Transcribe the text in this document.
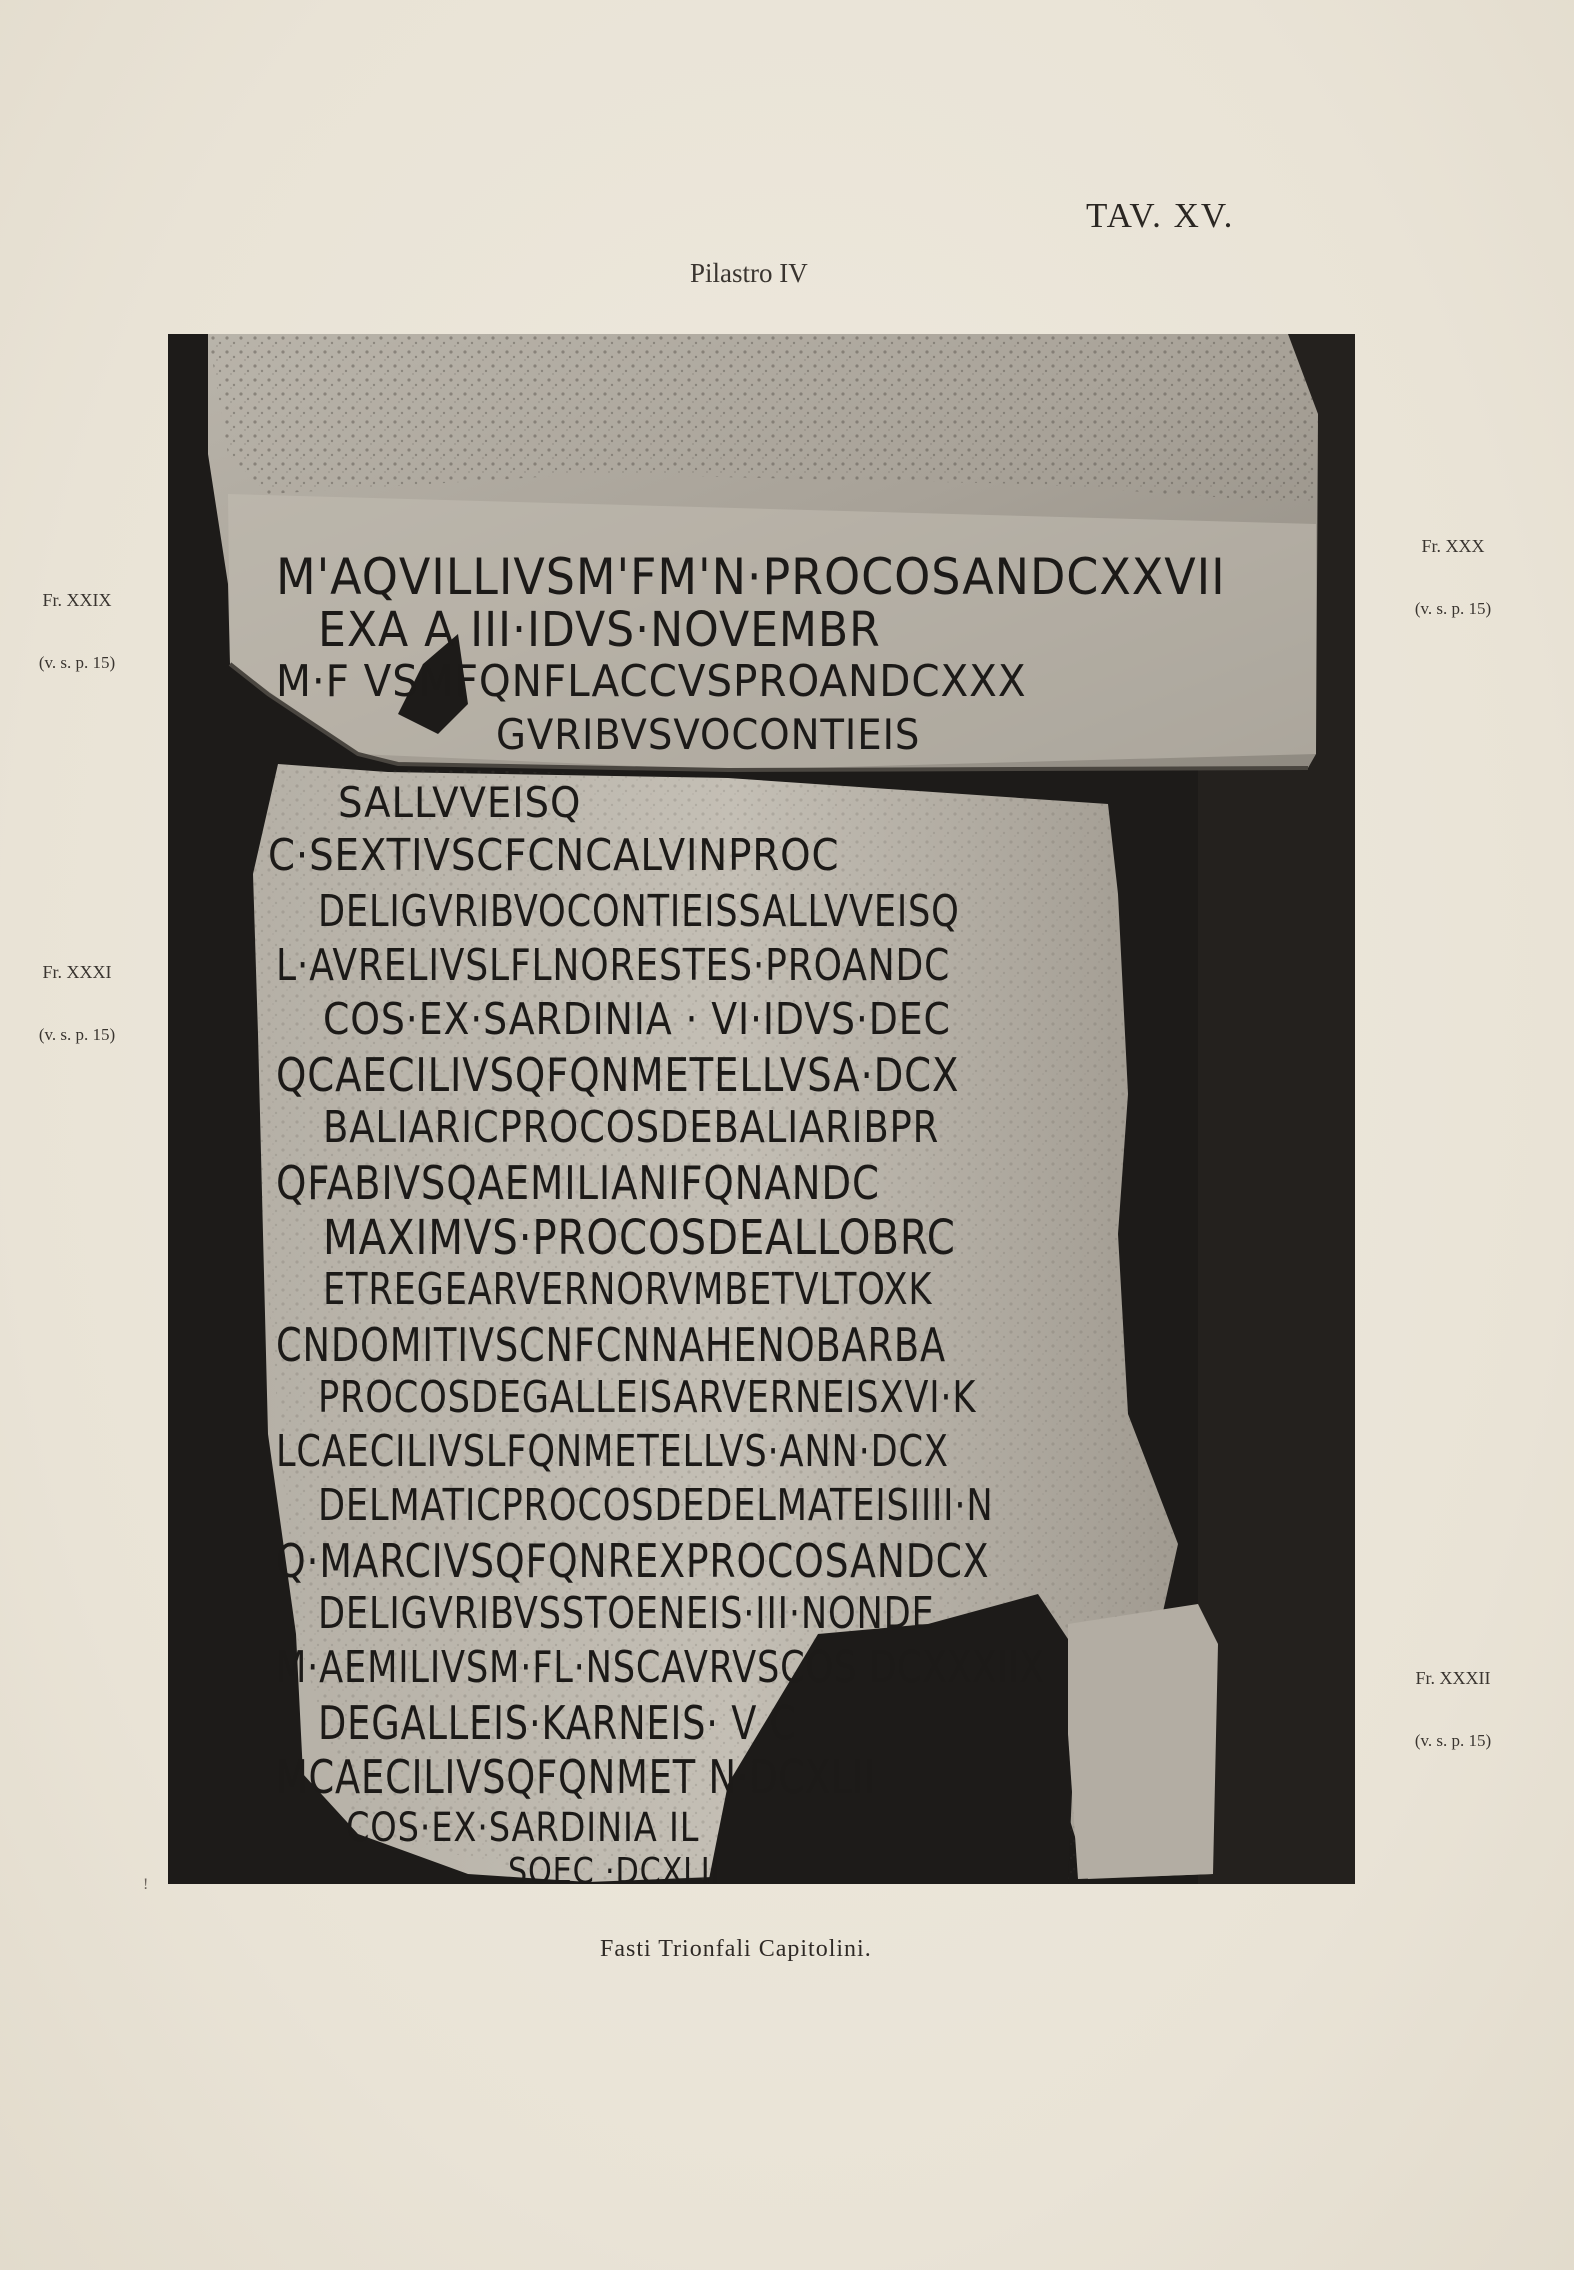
TAV. XV.
Pilastro IV
Fr. XXIX
(v. s. p. 15)
Fr. XXXI
(v. s. p. 15)
Fr. XXX
(v. s. p. 15)
Fr. XXXII
(v. s. p. 15)
M'AQVILLIVSM'FM'N·PROCOSANDCXXVII
EXA A III·IDVS·NOVEMBR
M·F VSMFQNFLACCVSPROANDCXXX
GVRIBVSVOCONTIEIS
SALLVVEISQ
C·SEXTIVSCFCNCALVINPROC
DELIGVRIBVOCONTIEISSALLVVEISQ
L·AVRELIVSLFLNORESTES·PROANDC
COS·EX·SARDINIA · VI·IDVS·DEC
QCAECILIVSQFQNMETELLVSA·DCX
BALIARICPROCOSDEBALIARIBPR
QFABIVSQAEMILIANIFQNANDC
MAXIMVS·PROCOSDEALLOBRC
ETREGEARVERNORVMBETVLTOXK
CNDOMITIVSCNFCNNAHENOBARBA
PROCOSDEGALLEISARVERNEISXVI·K
LCAECILIVSLFQNMETELLVS·ANN·DCX
DELMATICPROCOSDEDELMATEISIIII·N
Q·MARCIVSQFQNREXPROCOSANDCX
DELIGVRIBVSSTOENEIS·III·NONDE
M·AEMILIVSM·FL·NSCAVRVSCOS DCXXXIIX
DEGALLEIS·KARNEIS· V C
MCAECILIVSQFQNMET N·DCXLII
COS·EX·SARDINIA IL
SOEC ·DCXLII
Fasti Trionfali Capitolini.
!
